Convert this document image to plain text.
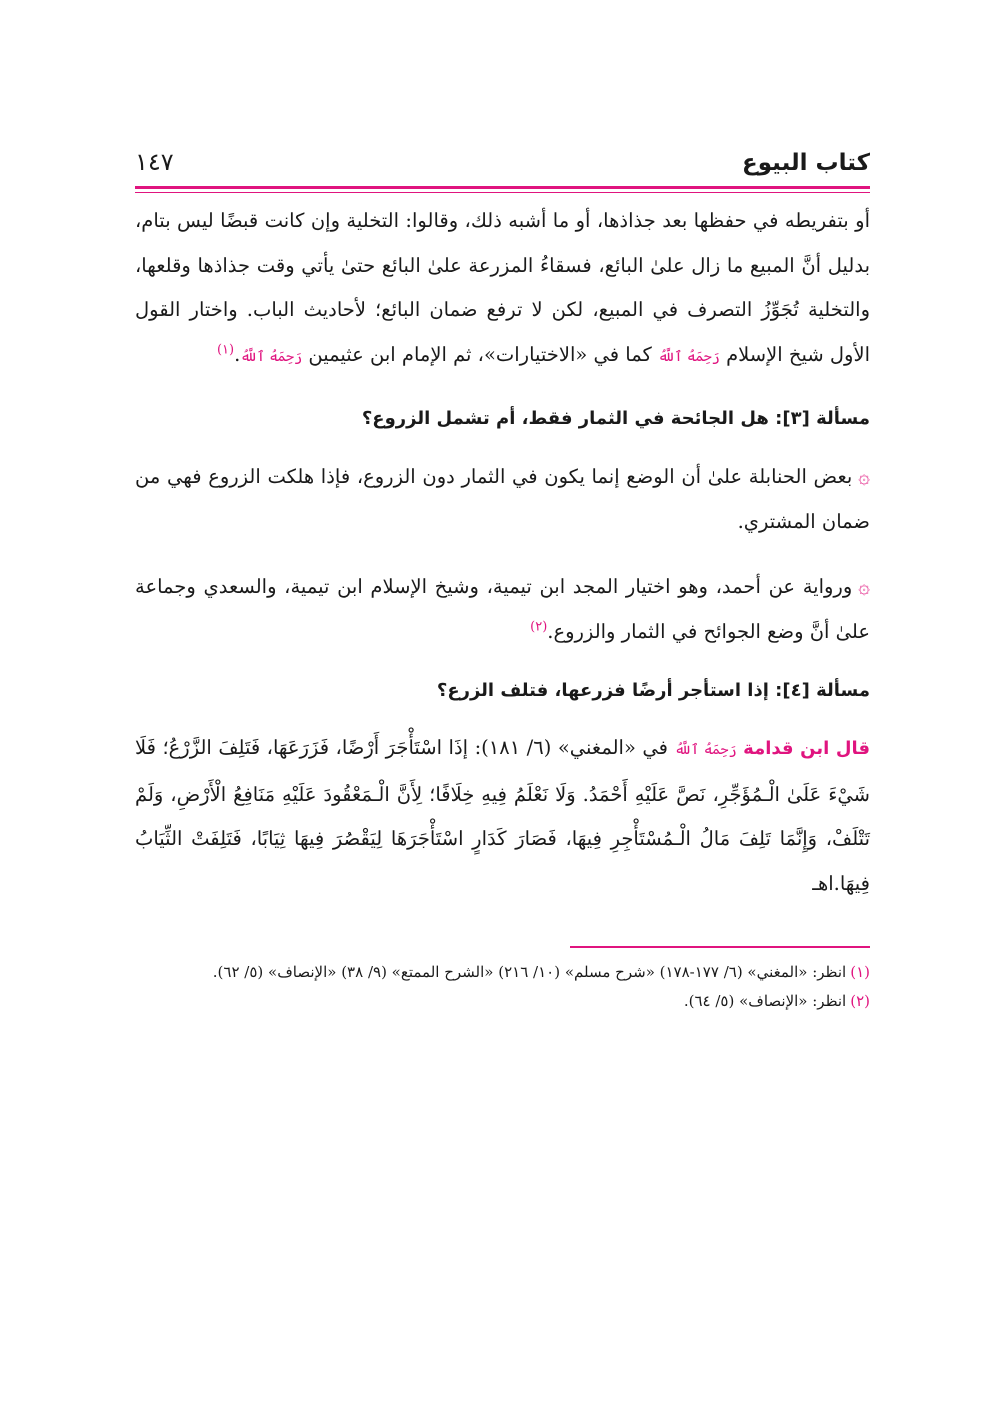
كتاب البيوع
١٤٧

أو بتفريطه في حفظها بعد جذاذها، أو ما أشبه ذلك، وقالوا: التخلية وإن كانت قبضًا ليس بتام، بدليل أنَّ المبيع ما زال علىٰ البائع، فسقاءُ المزرعة علىٰ البائع حتىٰ يأتي وقت جذاذها وقلعها، والتخلية تُجَوِّزُ التصرف في المبيع، لكن لا ترفع ضمان البائع؛ لأحاديث الباب. واختار القول الأول شيخ الإسلام رَحِمَهُ ٱللَّهُ كما في «الاختيارات»، ثم الإمام ابن عثيمين رَحِمَهُ ٱللَّهُ.$^{(١)}$

مسألة [٣]: هل الجائحة في الثمار فقط، أم تشمل الزروع؟

۞بعض الحنابلة علىٰ أن الوضع إنما يكون في الثمار دون الزروع، فإذا هلكت الزروع فهي من ضمان المشتري.

۞ورواية عن أحمد، وهو اختيار المجد ابن تيمية، وشيخ الإسلام ابن تيمية، والسعدي وجماعة علىٰ أنَّ وضع الجوائح في الثمار والزروع.$^{(٢)}$

مسألة [٤]: إذا استأجر أرضًا فزرعها، فتلف الزرع؟

قال ابن قدامة رَحِمَهُ ٱللَّهُ في «المغني» (٦/ ١٨١): إذَا اسْتَأْجَرَ أَرْضًا، فَزَرَعَهَا، فَتَلِفَ الزَّرْعُ؛ فَلَا شَيْءَ عَلَىٰ الْـمُؤَجِّرِ، نَصَّ عَلَيْهِ أَحْمَدُ. وَلَا نَعْلَمُ فِيهِ خِلَافًا؛ لِأَنَّ الْـمَعْقُودَ عَلَيْهِ مَنَافِعُ الْأَرْضِ، وَلَمْ تَتْلَفْ، وَإِنَّمَا تَلِفَ مَالُ الْـمُسْتَأْجِرِ فِيهَا، فَصَارَ كَدَارٍ اسْتَأْجَرَهَا لِيَقْصُرَ فِيهَا ثِيَابًا، فَتَلِفَتْ الثِّيَابُ فِيهَا.اهـ

(١)انظر: «المغني» (٦/ ١٧٧-١٧٨) «شرح مسلم» (١٠/ ٢١٦) «الشرح الممتع» (٩/ ٣٨) «الإنصاف» (٥/ ٦٢).

(٢)انظر: «الإنصاف» (٥/ ٦٤).
